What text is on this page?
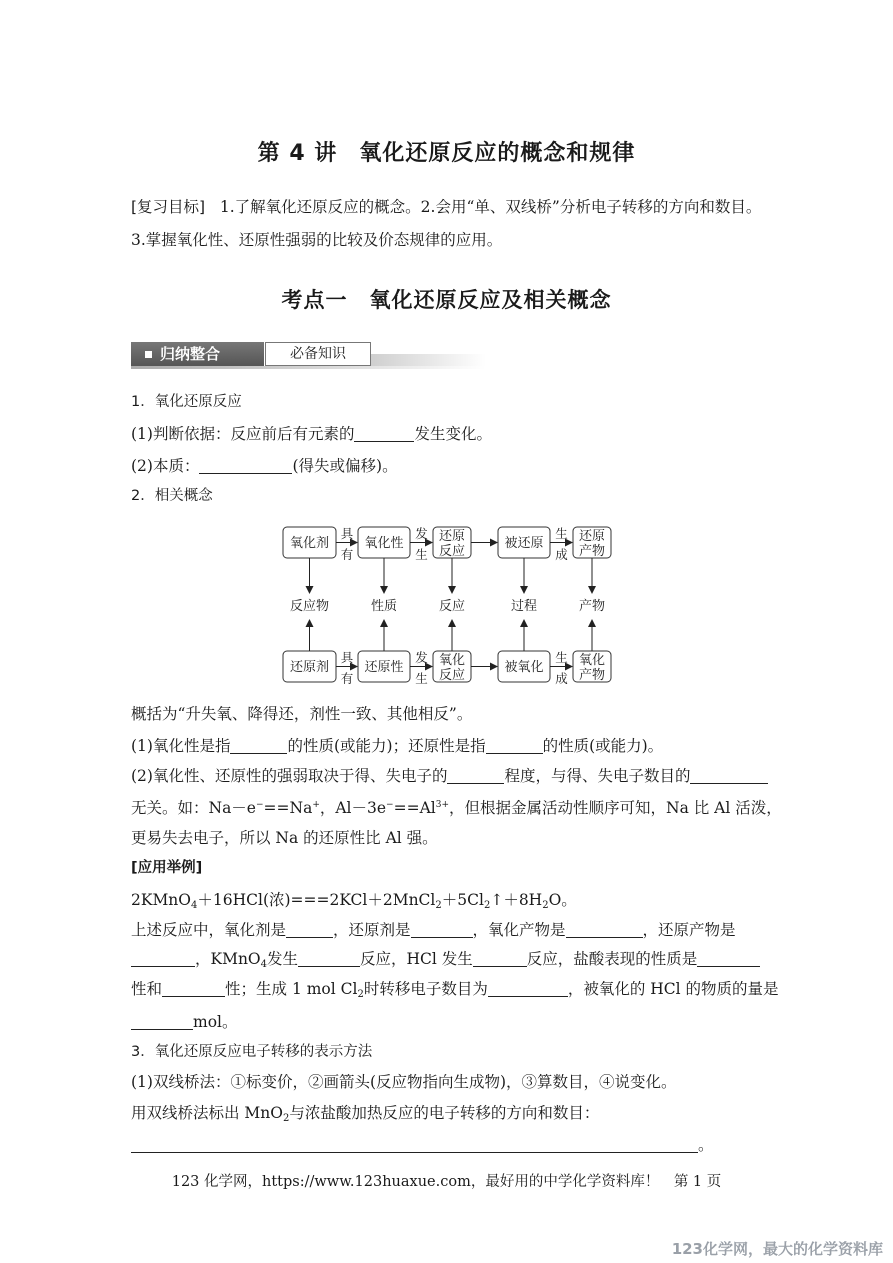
第 4 讲 氧化还原反应的概念和规律
[复习目标] 1.了解氧化还原反应的概念。2.会用“单、双线桥”分析电子转移的方向和数目。
3.掌握氧化性、还原性强弱的比较及价态规律的应用。
考点一 氧化还原反应及相关概念
归纳整合	必备知识
1．氧化还原反应
(1)判断依据：反应前后有元素的	发生变化。
(2)本质：	(得失或偏移)。
2．相关概念
氧化剂	氧化性	还原
反应
被还原	还原
产物
具
有
发
生
生
成
还原剂	还原性	氧化
反应
被氧化	氧化
产物
具
有
发
生
生
成
反应物	性质	反应	过程	产物
概括为“升失氧、降得还，剂性一致、其他相反”。
(1)氧化性是指	的性质(或能力)；还原性是指	的性质(或能力)。
(2)氧化性、还原性的强弱取决于得、失电子的	程度，与得、失电子数目的
无关。如：Na－e−==Na+，$Al-3e^-==Al^{3+}$，但根据金属活动性顺序可知，Na 比 Al 活泼，
更易失去电子，所以 Na 的还原性比 Al 强。
[应用举例]
2KMnO$_4$＋16HCl(浓)$===2KCl+2MnCl_2+5Cl_2↑+8H_2O$。
上述反应中，氧化剂是	，还原剂是	，氧化产物是	，还原产物是
，KMnO$_4$发生	反应，HCl 发生	反应，盐酸表现的性质是
性和	性；生成 1 mol $Cl_2$时转移电子数目为	，被氧化的 HCl 的物质的量是
mol。
3．氧化还原反应电子转移的表示方法
(1)双线桥法：①标变价，②画箭头(反应物指向生成物)，③算数目，④说变化。
用双线桥法标出 MnO$_2$与浓盐酸加热反应的电子转移的方向和数目：
。
123 化学网，https://www.123huaxue.com，最好用的中学化学资料库！　第 1 页
123化学网，最大的化学资料库
